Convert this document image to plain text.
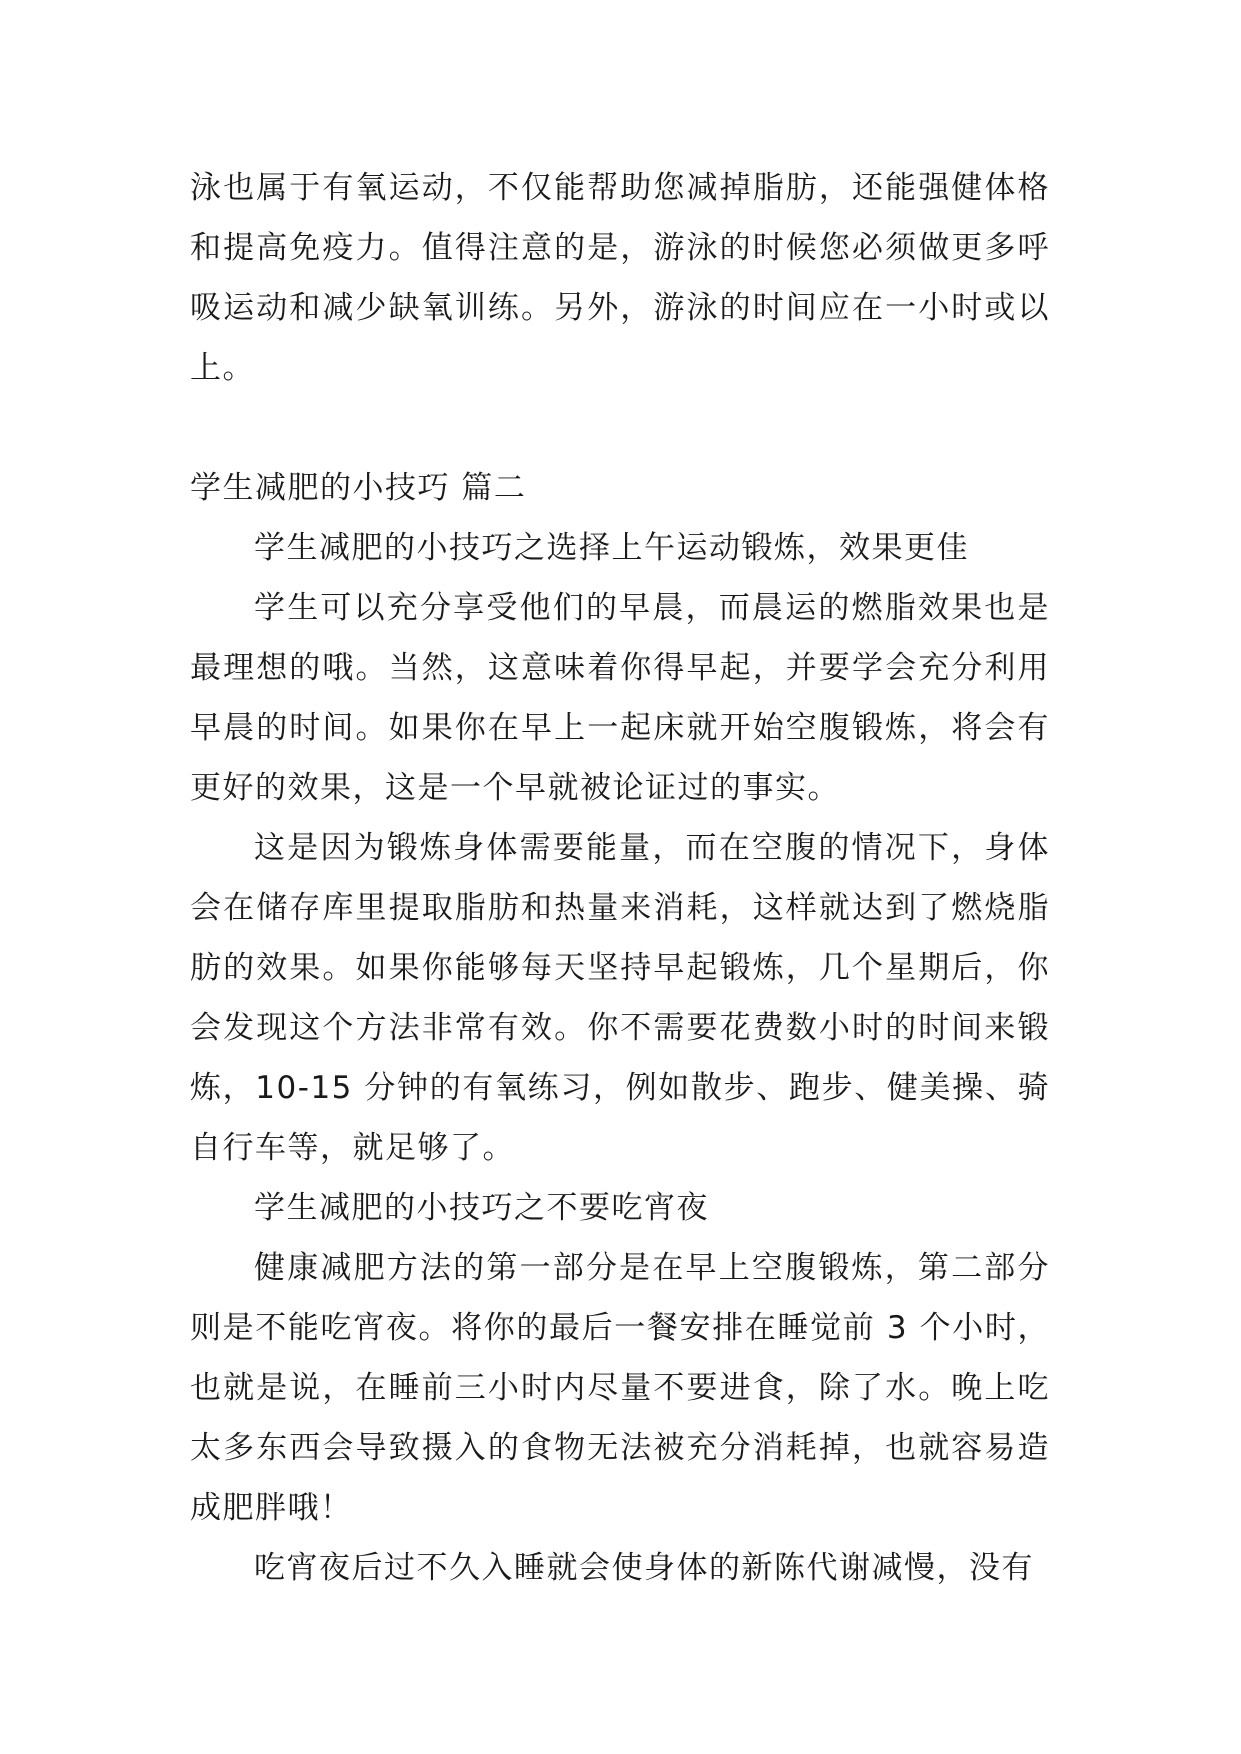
泳也属于有氧运动，不仅能帮助您减掉脂肪，还能强健体格和提高免疫力。值得注意的是，游泳的时候您必须做更多呼吸运动和减少缺氧训练。另外，游泳的时间应在一小时或以上。

学生减肥的小技巧 篇二

学生减肥的小技巧之选择上午运动锻炼，效果更佳

学生可以充分享受他们的早晨，而晨运的燃脂效果也是最理想的哦。当然，这意味着你得早起，并要学会充分利用早晨的时间。如果你在早上一起床就开始空腹锻炼，将会有更好的效果，这是一个早就被论证过的事实。

这是因为锻炼身体需要能量，而在空腹的情况下，身体会在储存库里提取脂肪和热量来消耗，这样就达到了燃烧脂肪的效果。如果你能够每天坚持早起锻炼，几个星期后，你会发现这个方法非常有效。你不需要花费数小时的时间来锻炼，10-15 分钟的有氧练习，例如散步、跑步、健美操、骑自行车等，就足够了。

学生减肥的小技巧之不要吃宵夜

健康减肥方法的第一部分是在早上空腹锻炼，第二部分则是不能吃宵夜。将你的最后一餐安排在睡觉前 3 个小时，也就是说，在睡前三小时内尽量不要进食，除了水。晚上吃太多东西会导致摄入的食物无法被充分消耗掉，也就容易造成肥胖哦！

吃宵夜后过不久入睡就会使身体的新陈代谢减慢，没有
